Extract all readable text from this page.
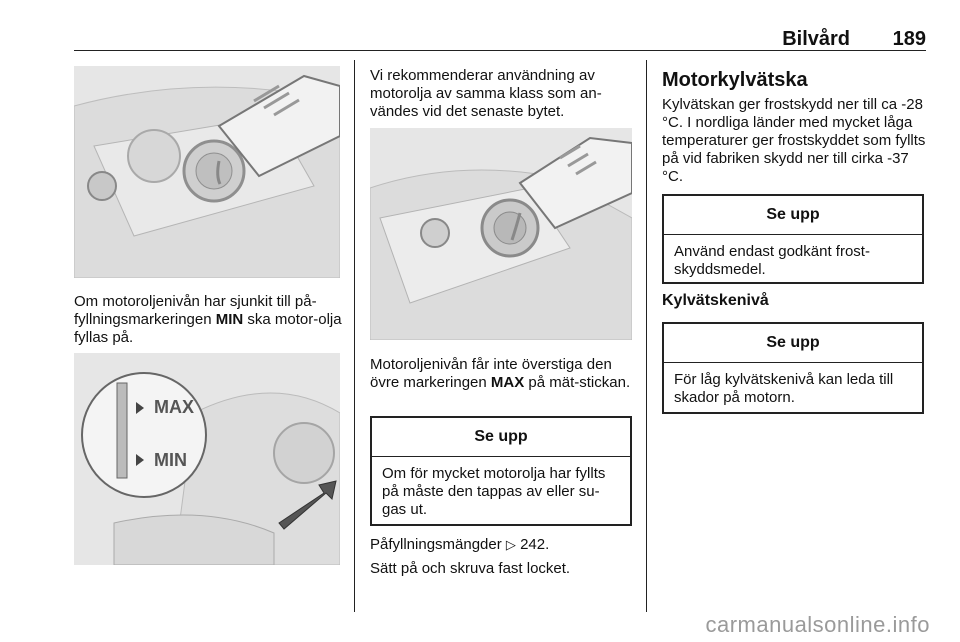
Bilvård 189

Om motoroljenivån har sjunkit till på-fyllningsmarkeringen MIN ska motor-olja fyllas på.

MAX
MIN

Vi rekommenderar användning av motorolja av samma klass som an-vändes vid det senaste bytet.

Motoroljenivån får inte överstiga den övre markeringen MAX på mät-stickan.

Se upp
Om för mycket motorolja har fyllts på måste den tappas av eller su-gas ut.

Påfyllningsmängder ▷ 242.

Sätt på och skruva fast locket.

Motorkylvätska

Kylvätskan ger frostskydd ner till ca -28 °C. I nordliga länder med mycket låga temperaturer ger frostskyddet som fyllts på vid fabriken skydd ner till cirka -37 °C.

Se upp
Använd endast godkänt frost-skyddsmedel.
Kylvätskenivå
Se upp
För låg kylvätskenivå kan leda till skador på motorn.
carmanualsonline.info
